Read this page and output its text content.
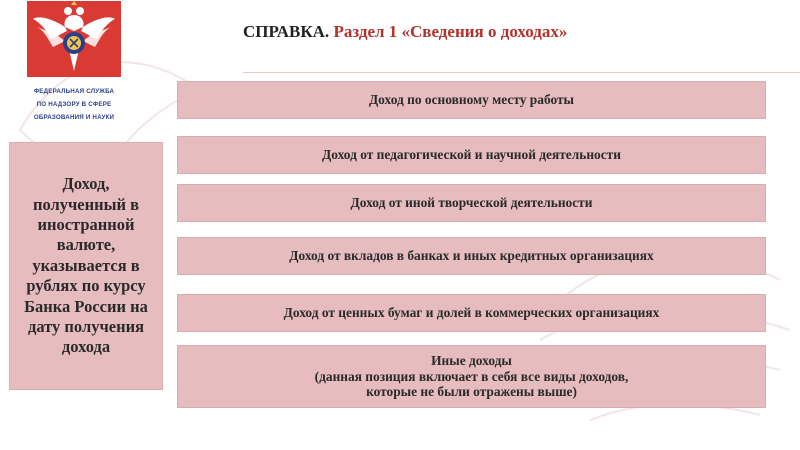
ФЕДЕРАЛЬНАЯ СЛУЖБА
ПО НАДЗОРУ В СФЕРЕ
ОБРАЗОВАНИЯ И НАУКИ
СПРАВКА. Раздел 1 «Сведения о доходах»
Доход, полученный в иностранной валюте, указывается в рублях по курсу Банка России на дату получения дохода
Доход по основному месту работы
Доход от педагогической и научной деятельности
Доход от иной творческой деятельности
Доход от вкладов в банках и иных кредитных организациях
Доход от ценных бумаг и долей в коммерческих организациях
Иные доходы
(данная позиция включает в себя все виды доходов,
которые не были отражены выше)
